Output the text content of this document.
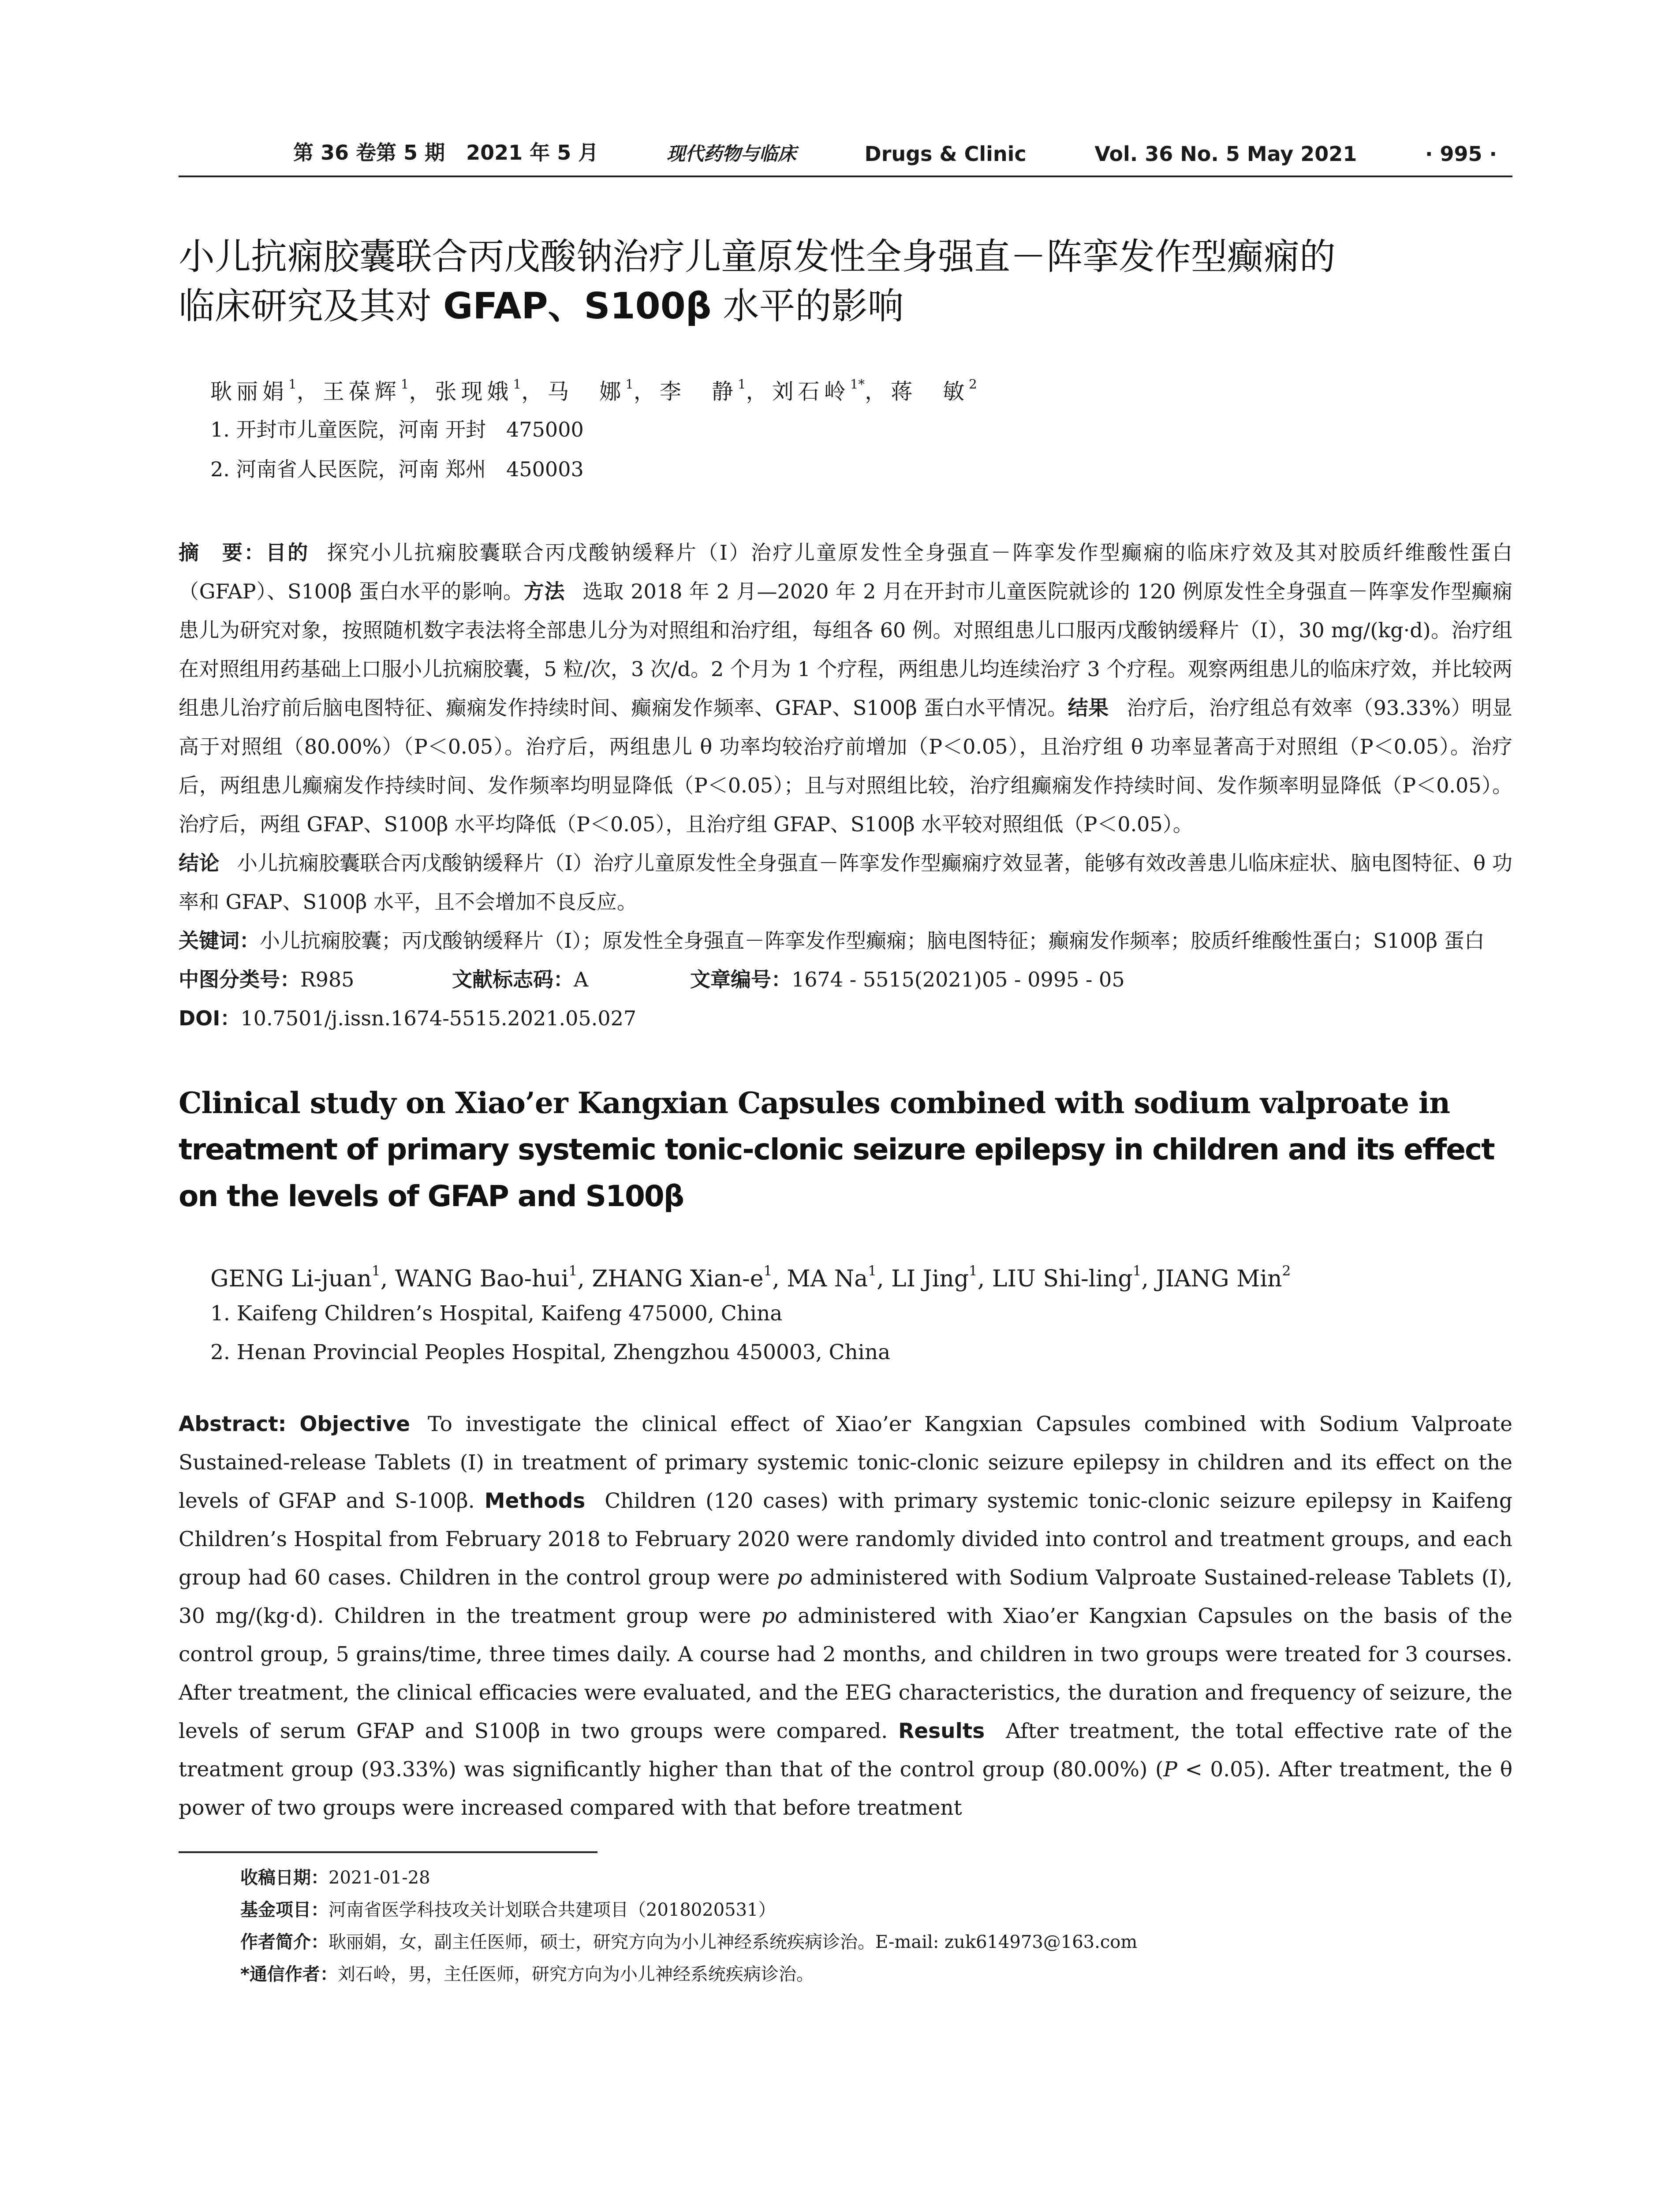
第 36 卷第 5 期 2021 年 5 月	现代药物与临床	Drugs & Clinic	Vol. 36 No. 5 May 2021	· 995 ·
小儿抗痫胶囊联合丙戊酸钠治疗儿童原发性全身强直－阵挛发作型癫痫的
临床研究及其对 GFAP、S100β 水平的影响
耿丽娟$^1$，王葆辉$^1$，张现娥$^1$，马　娜$^1$，李　静$^1$，刘石岭$^{1*}$，蒋　敏$^2$
1. 开封市儿童医院，河南 开封　475000
2. 河南省人民医院，河南 郑州　450003
摘　要：目的 探究小儿抗痫胶囊联合丙戊酸钠缓释片（I）治疗儿童原发性全身强直－阵挛发作型癫痫的临床疗效及其对胶质纤维酸性蛋白（GFAP）、S100β 蛋白水平的影响。方法 选取 2018 年 2 月—2020 年 2 月在开封市儿童医院就诊的 120 例原发性全身强直－阵挛发作型癫痫患儿为研究对象，按照随机数字表法将全部患儿分为对照组和治疗组，每组各 60 例。对照组患儿口服丙戊酸钠缓释片（I），30 mg/(kg·d)。治疗组在对照组用药基础上口服小儿抗痫胶囊，5 粒/次，3 次/d。2 个月为 1 个疗程，两组患儿均连续治疗 3 个疗程。观察两组患儿的临床疗效，并比较两组患儿治疗前后脑电图特征、癫痫发作持续时间、癫痫发作频率、GFAP、S100β 蛋白水平情况。结果 治疗后，治疗组总有效率（93.33%）明显高于对照组（80.00%）（P＜0.05）。治疗后，两组患儿 θ 功率均较治疗前增加（P＜0.05），且治疗组 θ 功率显著高于对照组（P＜0.05）。治疗后，两组患儿癫痫发作持续时间、发作频率均明显降低（P＜0.05）；且与对照组比较，治疗组癫痫发作持续时间、发作频率明显降低（P＜0.05）。治疗后，两组 GFAP、S100β 水平均降低（P＜0.05），且治疗组 GFAP、S100β 水平较对照组低（P＜0.05）。
结论 小儿抗痫胶囊联合丙戊酸钠缓释片（I）治疗儿童原发性全身强直－阵挛发作型癫痫疗效显著，能够有效改善患儿临床症状、脑电图特征、θ 功率和 GFAP、S100β 水平，且不会增加不良反应。
关键词：小儿抗痫胶囊；丙戊酸钠缓释片（I）；原发性全身强直－阵挛发作型癫痫；脑电图特征；癫痫发作频率；胶质纤维酸性蛋白；S100β 蛋白
中图分类号：R985	文献标志码：A	文章编号：1674 - 5515(2021)05 - 0995 - 05
DOI：10.7501/j.issn.1674-5515.2021.05.027
Clinical study on Xiao’er Kangxian Capsules combined with sodium valproate in
treatment of primary systemic tonic-clonic seizure epilepsy in children and its effect
on the levels of GFAP and S100β
GENG Li-juan$^1$, WANG Bao-hui$^1$, ZHANG Xian-$e^1$, MA Na$^1$, LI Jing$^1$, LIU Shi-ling$^1$, JIANG Min$^2$
1. Kaifeng Children’s Hospital, Kaifeng 475000, China
2. Henan Provincial Peoples Hospital, Zhengzhou 450003, China
Abstract: Objective To investigate the clinical effect of Xiao’er Kangxian Capsules combined with Sodium Valproate Sustained-release Tablets (I) in treatment of primary systemic tonic-clonic seizure epilepsy in children and its effect on the levels of GFAP and S-100β. Methods Children (120 cases) with primary systemic tonic-clonic seizure epilepsy in Kaifeng Children’s Hospital from February 2018 to February 2020 were randomly divided into control and treatment groups, and each group had 60 cases. Children in the control group were po administered with Sodium Valproate Sustained-release Tablets (I), 30 mg/(kg·d). Children in the treatment group were po administered with Xiao’er Kangxian Capsules on the basis of the control group, 5 grains/time, three times daily. A course had 2 months, and children in two groups were treated for 3 courses. After treatment, the clinical efficacies were evaluated, and the EEG characteristics, the duration and frequency of seizure, the levels of serum GFAP and S100β in two groups were compared. Results After treatment, the total effective rate of the treatment group (93.33%) was significantly higher than that of the control group (80.00%) (P < 0.05). After treatment, the θ power of two groups were increased compared with that before treatment
收稿日期：2021-01-28
基金项目：河南省医学科技攻关计划联合共建项目（2018020531）
作者简介：耿丽娟，女，副主任医师，硕士，研究方向为小儿神经系统疾病诊治。E-mail: zuk614973@163.com
*通信作者：刘石岭，男，主任医师，研究方向为小儿神经系统疾病诊治。
